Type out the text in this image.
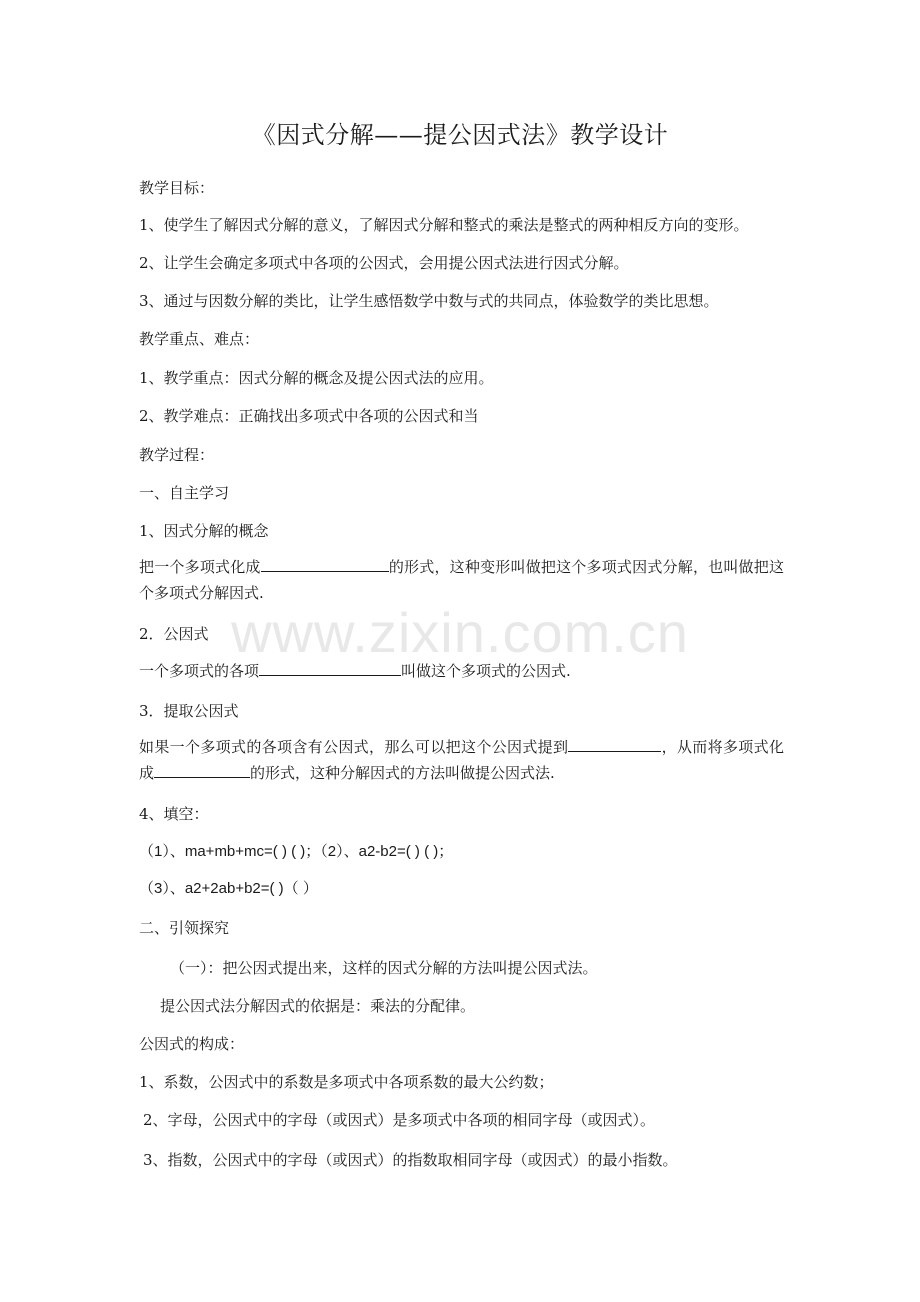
www.zixin.com.cn
《因式分解——提公因式法》教学设计
教学目标：
1、使学生了解因式分解的意义，了解因式分解和整式的乘法是整式的两种相反方向的变形。
2、让学生会确定多项式中各项的公因式，会用提公因式法进行因式分解。
3、通过与因数分解的类比，让学生感悟数学中数与式的共同点，体验数学的类比思想。
教学重点、难点：
1、教学重点：因式分解的概念及提公因式法的应用。
2、教学难点：正确找出多项式中各项的公因式和当
教学过程：
一、自主学习
1、因式分解的概念
把一个多项式化成	的形式，这种变形叫做把这个多项式因式分解，也叫做把这个多项式分解因式.
2．公因式
一个多项式的各项	叫做这个多项式的公因式.
3．提取公因式
如果一个多项式的各项含有公因式，那么可以把这个公因式提到	，从而将多项式化成	的形式，这种分解因式的方法叫做提公因式法.
4、填空：
（1）、ma+mb+mc=( ) ( )；（2）、a2-b2=( ) ( )；
（3）、a2+2ab+b2=( )（ ）
二、引领探究
（一）：把公因式提出来，这样的因式分解的方法叫提公因式法。
提公因式法分解因式的依据是：乘法的分配律。
公因式的构成：
1、系数，公因式中的系数是多项式中各项系数的最大公约数；
2、字母，公因式中的字母（或因式）是多项式中各项的相同字母（或因式）。
3、指数，公因式中的字母（或因式）的指数取相同字母（或因式）的最小指数。
